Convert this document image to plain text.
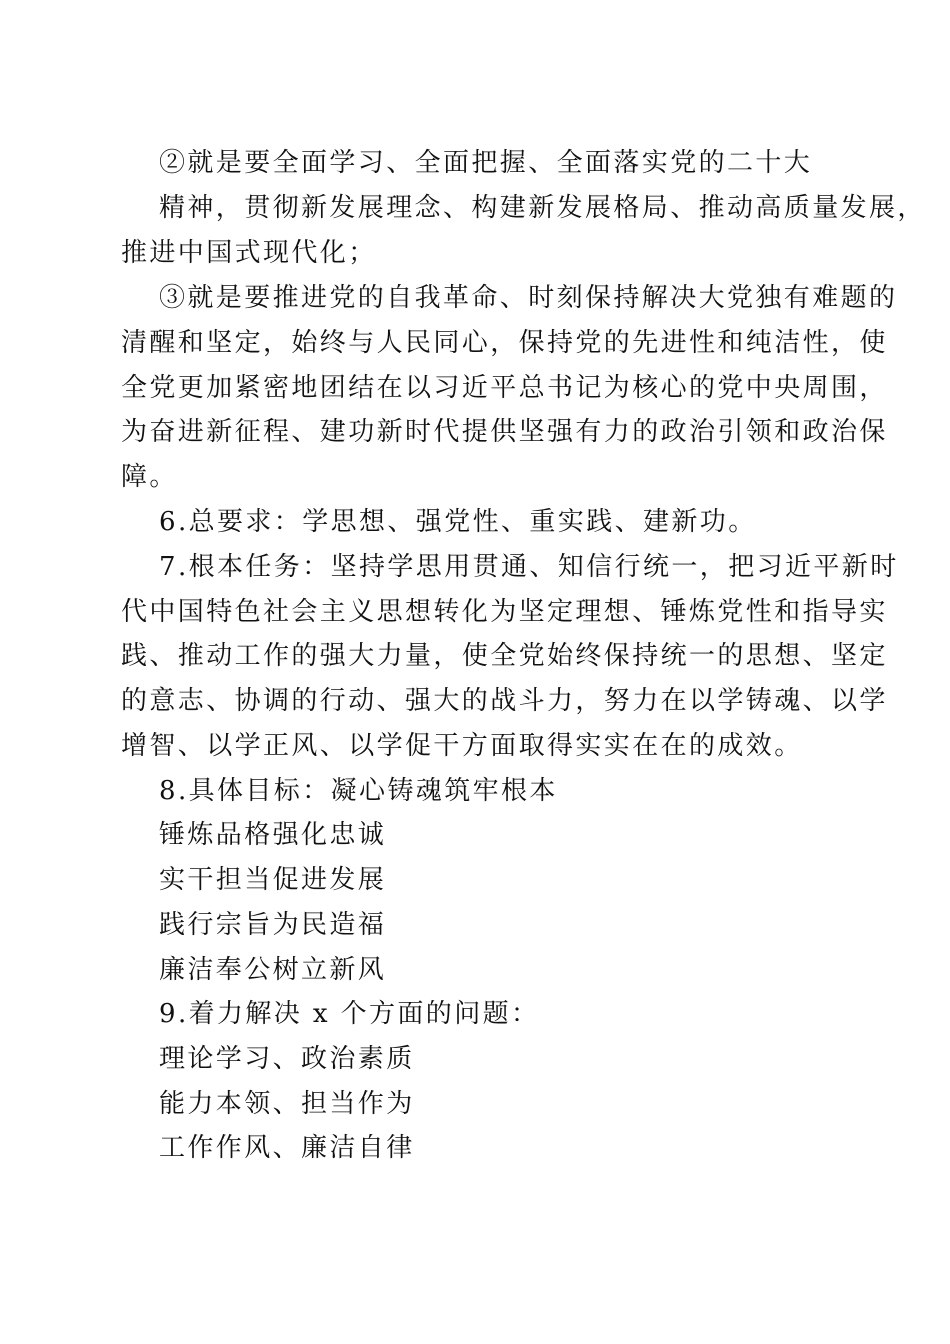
②就是要全面学习、全面把握、全面落实党的二十大
精神，贯彻新发展理念、构建新发展格局、推动高质量发展，
推进中国式现代化；
③就是要推进党的自我革命、时刻保持解决大党独有难题的
清醒和坚定，始终与人民同心，保持党的先进性和纯洁性，使
全党更加紧密地团结在以习近平总书记为核心的党中央周围，
为奋进新征程、建功新时代提供坚强有力的政治引领和政治保
障。
6.总要求：学思想、强党性、重实践、建新功。
7.根本任务：坚持学思用贯通、知信行统一，把习近平新时
代中国特色社会主义思想转化为坚定理想、锤炼党性和指导实
践、推动工作的强大力量，使全党始终保持统一的思想、坚定
的意志、协调的行动、强大的战斗力，努力在以学铸魂、以学
增智、以学正风、以学促干方面取得实实在在的成效。
8.具体目标：凝心铸魂筑牢根本
锤炼品格强化忠诚
实干担当促进发展
践行宗旨为民造福
廉洁奉公树立新风
9.着力解决 x 个方面的问题：
理论学习、政治素质
能力本领、担当作为
工作作风、廉洁自律
